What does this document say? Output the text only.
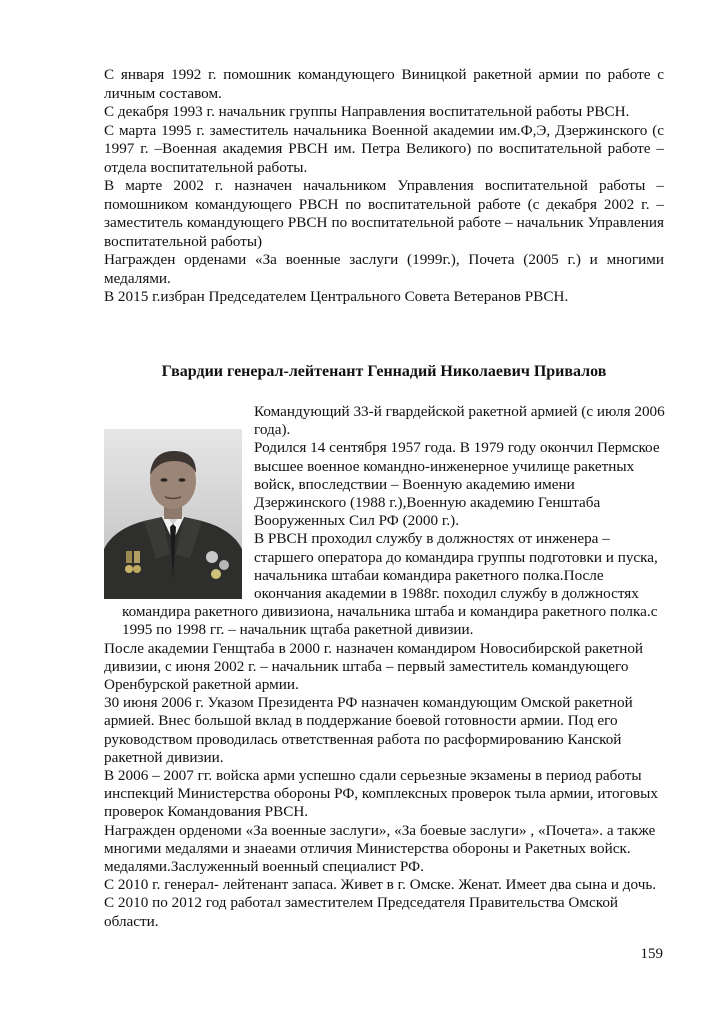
С января 1992 г. помошник командующего Виницкой ракетной армии по работе с личным составом.

С декабря 1993 г. начальник группы Направления воспитательной работы РВСН.

С марта 1995 г. заместитель начальника Военной академии им.Ф,Э, Дзержинского (с 1997 г. –Военная академия РВСН им. Петра Великого) по воспитательной работе – отдела воспитательной работы.

В марте 2002 г. назначен начальником Управления воспитательной работы – помошником командующего РВСН по воспитательной работе (с декабря 2002 г. – заместитель командующего РВСН по воспитательной работе – начальник Управления воспитательной работы)

Награжден орденами «За военные заслуги (1999г.), Почета (2005 г.) и многими медалями.

В 2015 г.избран Председателем Центрального Совета Ветеранов РВСН.

Гвардии генерал-лейтенант Геннадий Николаевич Привалов

Командующий 33-й гвардейской ракетной армией (с июля 2006 года).

Родился 14 сентября 1957 года. В 1979 году окончил Пермское высшее военное командно-инженерное училище ракетных войск, впоследствии – Военную академию имени Дзержинского (1988 г.),Военную академию Генштаба Вооруженных Сил РФ (2000 г.).

В РВСН проходил службу в должностях от инженера – старшего оператора до командира группы подготовки и пуска, начальника штабаи командира ракетного полка.После окончания академии в 1988г. походил службу в должностях командира ракетного дивизиона, начальника штаба и командира ракетного полка.с 1995 по 1998 гг. – начальник щтаба ракетной дивизии.

После академии Генщтаба в 2000 г. назначен командиром Новосибирской ракетной дивизии, с июня 2002 г. – начальник штаба – первый заместитель командующего Оренбурской ракетной армии.

30 июня 2006 г. Указом Президента РФ назначен командующим Омской ракетной армией. Внес большой вклад в поддержание боевой готовности армии. Под его руководством проводилась ответственная работа по расформированию Канской ракетной дивизии.

В 2006 – 2007 гг. войска арми успешно сдали серьезные экзамены в период работы инспекций Министерства обороны РФ, комплексных проверок тыла армии, итоговых проверок Командования РВСН.

Награжден орденоми «За военные заслуги», «За боевые заслуги» , «Почета». а также многими медалями и знаеами отличия Министерства обороны и Ракетных войск. медалями.Заслуженный военный специалист РФ.

С 2010 г. генерал- лейтенант запаса. Живет в г. Омске. Женат. Имеет два сына и дочь.

С 2010 по 2012 год работал заместителем Председателя Правительства Омской области.

159
